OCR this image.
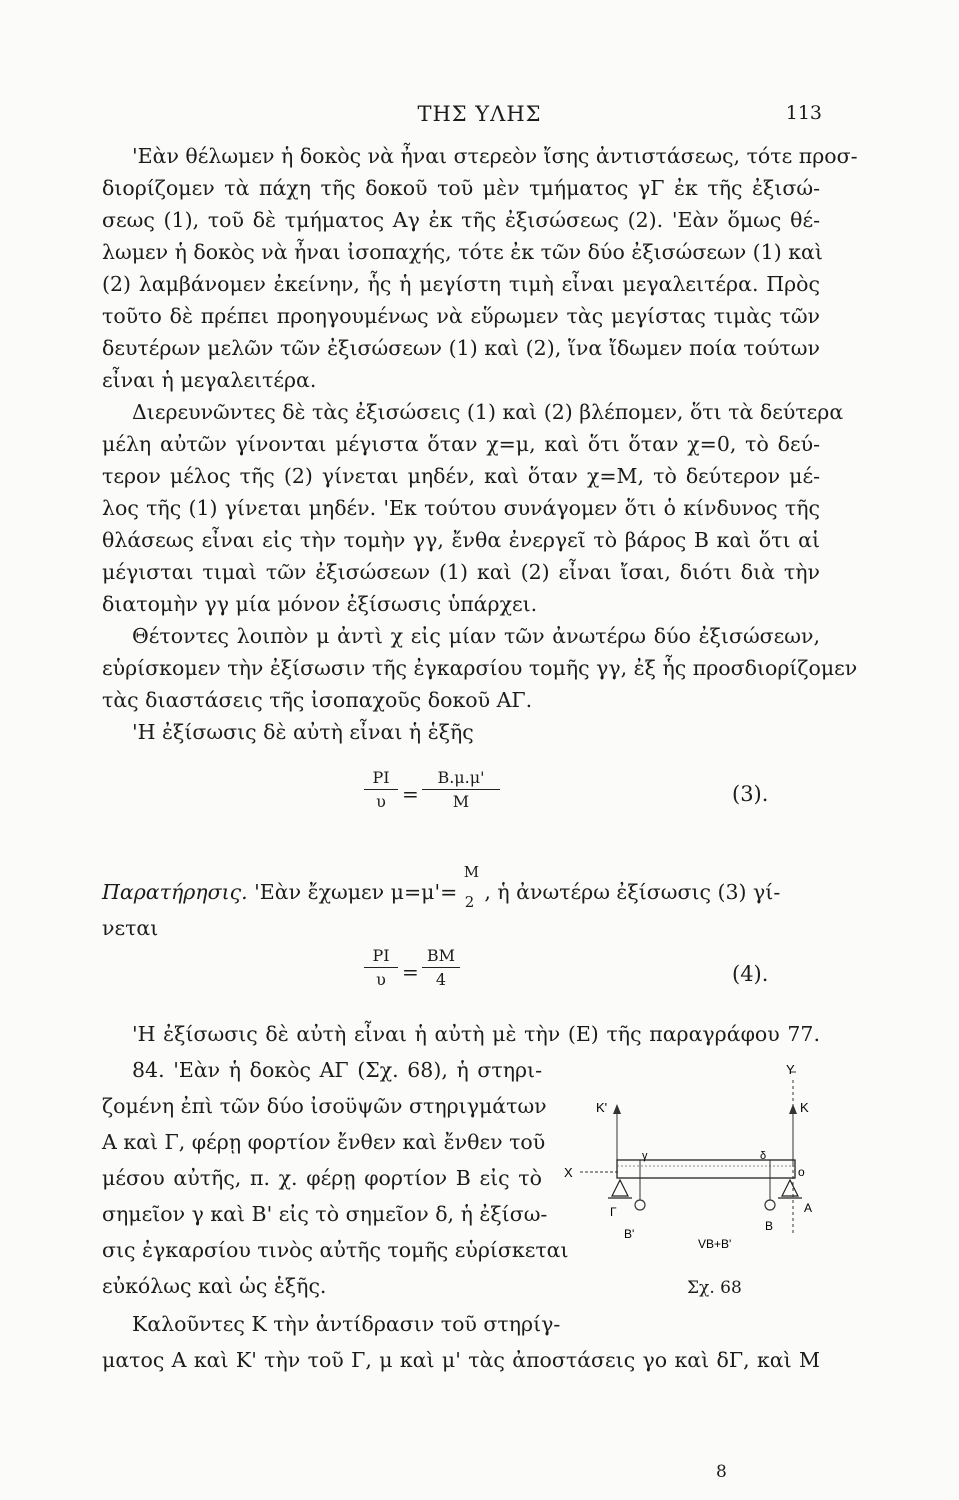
ΤΗΣ ΥΛΗΣ	113
'Εὰν θέλωμεν ἡ δοκὸς νὰ ἦναι στερεὸν ἴσης ἀντιστάσεως, τότε προσ-
διορίζομεν τὰ πάχη τῆς δοκοῦ τοῦ μὲν τμήματος γΓ ἐκ τῆς ἐξισώ-
σεως (1), τοῦ δὲ τμήματος Αγ ἐκ τῆς ἐξισώσεως (2). 'Εὰν ὅμως θέ-
λωμεν ἡ δοκὸς νὰ ἦναι ἰσοπαχής, τότε ἐκ τῶν δύο ἐξισώσεων (1) καὶ
(2) λαμβάνομεν ἐκείνην, ἧς ἡ μεγίστη τιμὴ εἶναι μεγαλειτέρα. Πρὸς
τοῦτο δὲ πρέπει προηγουμένως νὰ εὕρωμεν τὰς μεγίστας τιμὰς τῶν
δευτέρων μελῶν τῶν ἐξισώσεων (1) καὶ (2), ἵνα ἴδωμεν ποία τούτων
εἶναι ἡ μεγαλειτέρα.
Διερευνῶντες δὲ τὰς ἐξισώσεις (1) καὶ (2) βλέπομεν, ὅτι τὰ δεύτερα
μέλη αὐτῶν γίνονται μέγιστα ὅταν χ=μ, καὶ ὅτι ὅταν χ=0, τὸ δεύ-
τερον μέλος τῆς (2) γίνεται μηδέν, καὶ ὅταν χ=Μ, τὸ δεύτερον μέ-
λος τῆς (1) γίνεται μηδέν. 'Εκ τούτου συνάγομεν ὅτι ὁ κίνδυνος τῆς
θλάσεως εἶναι εἰς τὴν τομὴν γγ, ἔνθα ἐνεργεῖ τὸ βάρος Β καὶ ὅτι αἱ
μέγισται τιμαὶ τῶν ἐξισώσεων (1) καὶ (2) εἶναι ἴσαι, διότι διὰ τὴν
διατομὴν γγ μία μόνον ἐξίσωσις ὑπάρχει.
Θέτοντες λοιπὸν μ ἀντὶ χ εἰς μίαν τῶν ἀνωτέρω δύο ἐξισώσεων,
εὑρίσκομεν τὴν ἐξίσωσιν τῆς ἐγκαρσίου τομῆς γγ, ἐξ ἧς προσδιορίζομεν
τὰς διαστάσεις τῆς ἰσοπαχοῦς δοκοῦ ΑΓ.
'Η ἐξίσωσις δὲ αὐτὴ εἶναι ἡ ἑξῆς
ΡΙ
υ =
Β.μ.μ'
Μ	(3).
Παρατήρησις. 'Εὰν ἔχωμεν μ=μ'=
Μ
2 , ἡ ἀνωτέρω ἐξίσωσις (3) γί-
νεται
ΡΙ
υ =
ΒΜ
4	(4).
'Η ἐξίσωσις δὲ αὐτὴ εἶναι ἡ αὐτὴ μὲ τὴν (Ε) τῆς παραγράφου 77.
84. 'Εὰν ἡ δοκὸς ΑΓ (Σχ. 68), ἡ στηρι-
ζομένη ἐπὶ τῶν δύο ἰσοϋψῶν στηριγμάτων
Α καὶ Γ, φέρῃ φορτίον ἔνθεν καὶ ἔνθεν τοῦ
μέσου αὐτῆς, π. χ. φέρῃ φορτίον Β εἰς τὸ
σημεῖον γ καὶ Β' εἰς τὸ σημεῖον δ, ἡ ἐξίσω-
σις ἐγκαρσίου τινὸς αὐτῆς τομῆς εὑρίσκεται
εὐκόλως καὶ ὡς ἑξῆς.
Καλοῦντες Κ τὴν ἀντίδρασιν τοῦ στηρίγ-
ματος Α καὶ Κ' τὴν τοῦ Γ, μ καὶ μ' τὰς ἀποστάσεις γο καὶ δΓ, καὶ Μ
Y
K'	K
X	o
γ	δ
Γ	A
B'
B
VB+B'
Σχ. 68
8
